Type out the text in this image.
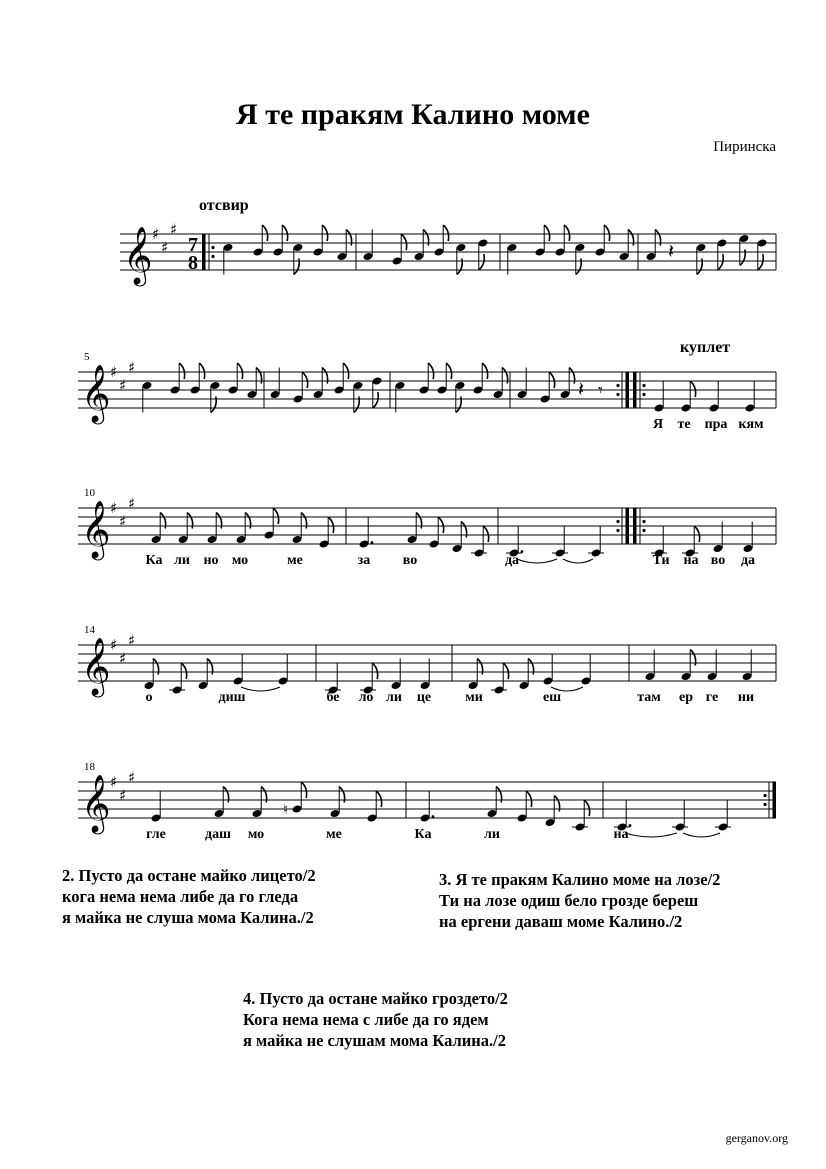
Я те пракям Калино моме
Пиринска
отсвир
куплет
5
10
14
18
𝄞 ♯
♯
♯
7
8	𝄽
𝄞 ♯
♯
♯
𝄽 𝄾
𝄞 ♯
♯
♯
𝄞 ♯
♯
♯
𝄞 ♯
♯
♯
♮
Я те пра кям
Ка ли но мо	ме	за во	да	Ти на во да
о	диш	бе ло ли це ми	еш	там ер ге ни
гле	даш мо	ме	Ка	ли	на
2. Пусто да остане майко лицето/2
кога нема нема либе да го гледа
я майка не слуша мома Калина./2
3. Я те пракям Калино моме на лозе/2
Ти на лозе одиш бело грозде береш
на ергени даваш моме Калино./2
4. Пусто да остане майко гроздето/2
Кога нема нема с либе да го ядем
я майка не слушам мома Калина./2
gerganov.org
